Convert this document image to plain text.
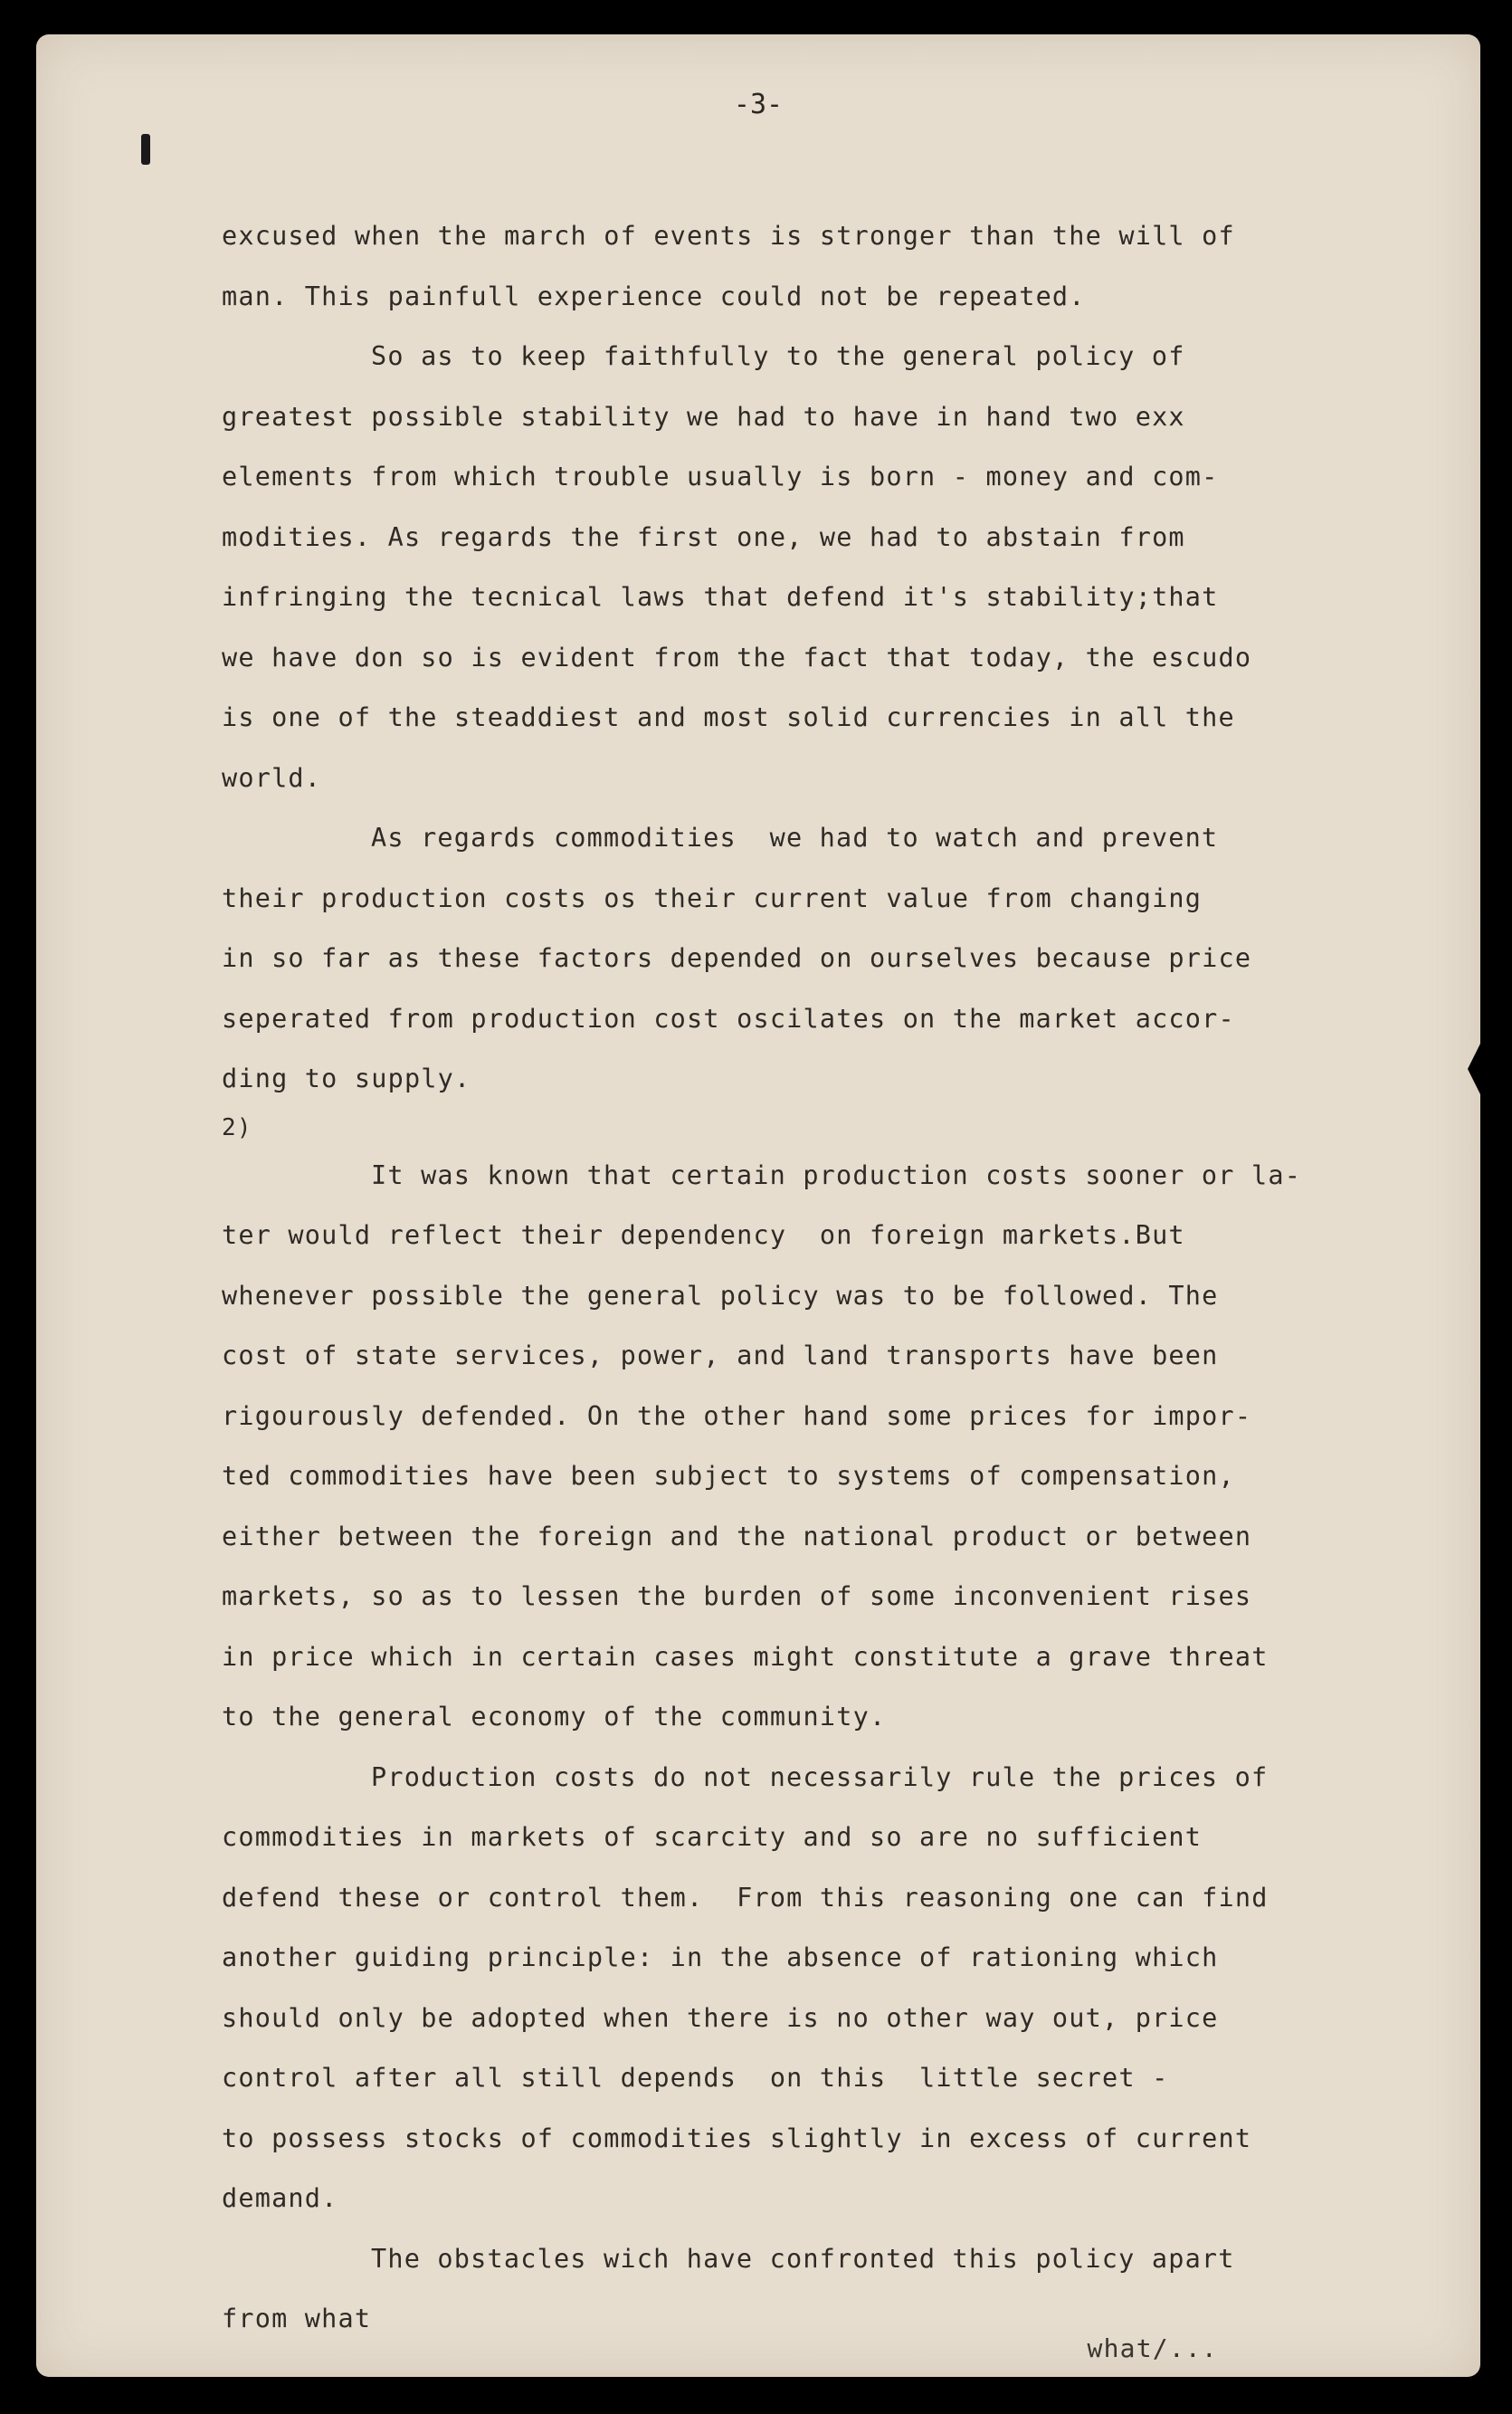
-3-
excused when the march of events is stronger than the will of
man. This painfull experience could not be repeated.
So as to keep faithfully to the general policy of
greatest possible stability we had to have in hand two exx
elements from which trouble usually is born - money and com-
modities. As regards the first one, we had to abstain from
infringing the tecnical laws that defend it's stability;that
we have don so is evident from the fact that today, the escudo
is one of the steaddiest and most solid currencies in all the
world.
As regards commodities  we had to watch and prevent
their production costs os their current value from changing
in so far as these factors depended on ourselves because price
seperated from production cost oscilates on the market accor-
ding to supply.
2)
It was known that certain production costs sooner or la-
ter would reflect their dependency  on foreign markets.But
whenever possible the general policy was to be followed. The
cost of state services, power, and land transports have been
rigourously defended. On the other hand some prices for impor-
ted commodities have been subject to systems of compensation,
either between the foreign and the national product or between
markets, so as to lessen the burden of some inconvenient rises
in price which in certain cases might constitute a grave threat
to the general economy of the community.
Production costs do not necessarily rule the prices of
commodities in markets of scarcity and so are no sufficient
defend these or control them.  From this reasoning one can find
another guiding principle: in the absence of rationing which
should only be adopted when there is no other way out, price
control after all still depends  on this  little secret -
to possess stocks of commodities slightly in excess of current
demand.
The obstacles wich have confronted this policy apart
from what
what/...
